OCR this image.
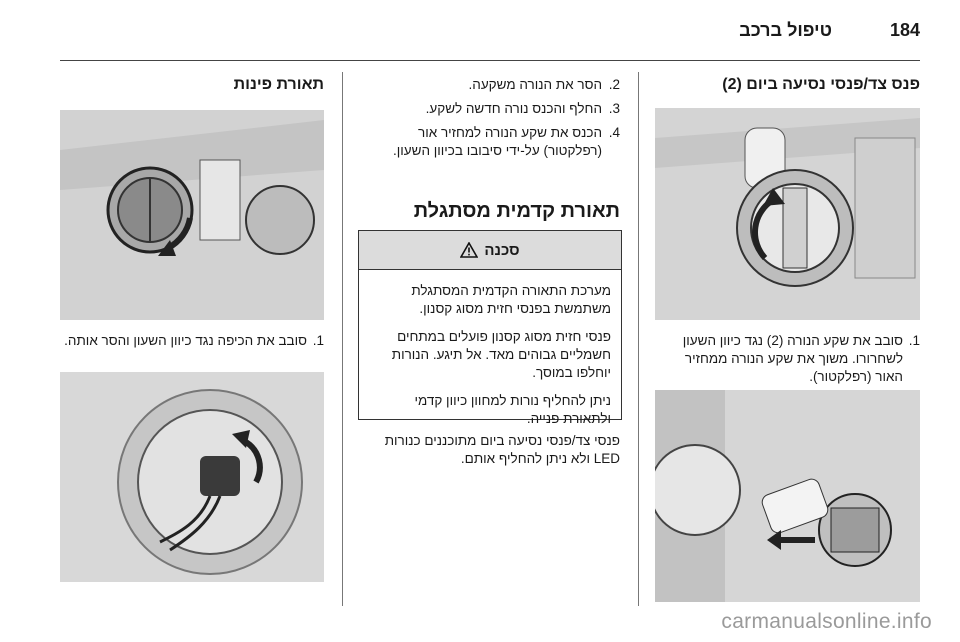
טיפול ברכב	184
פנס צד/פנסי נסיעה ביום (2)
1.
סובב את שקע הנורה (2) נגד כיוון השעון לשחרורו. משוך את שקע הנורה ממחזיר האור (רפלקטור).
2.
הסר את הנורה משקעה.
3.
החלף והכנס נורה חדשה לשקע.
4.
הכנס את שקע הנורה למחזיר אור (רפלקטור) על-ידי סיבובו בכיוון השעון.
תאורת קדמית מסתגלת
סכנה

מערכת התאורה הקדמית המסתגלת משתמשת בפנסי חזית מסוג קסנון.

פנסי חזית מסוג קסנון פועלים במתחים חשמליים גבוהים מאד. אל תיגע. הנורות יוחלפו במוסך.

ניתן להחליף נורות למחוון כיוון קדמי ולתאורת פנייה.

פנסי צד/פנסי נסיעה ביום מתוכננים כנורות LED ולא ניתן להחליף אותם.
תאורת פינות
1.
סובב את הכיפה נגד כיוון השעון והסר אותה.
carmanualsonline.info
